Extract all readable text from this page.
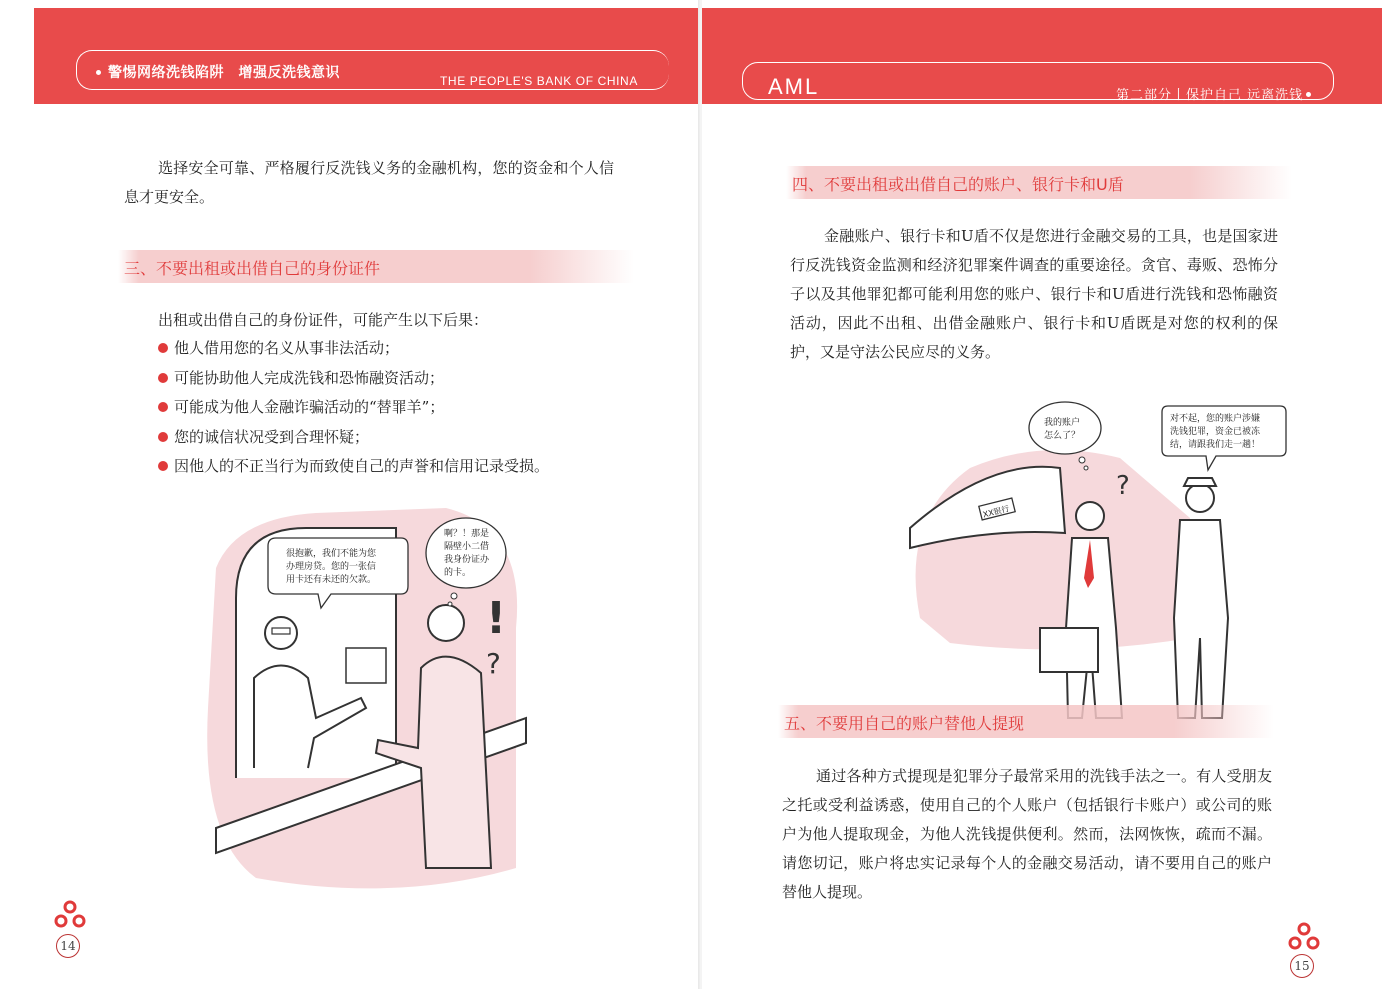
警惕网络洗钱陷阱　增强反洗钱意识	THE PEOPLE'S BANK OF CHINA

选择安全可靠、严格履行反洗钱义务的金融机构，您的资金和个人信息才更安全。

三、不要出租或出借自己的身份证件
出租或出借自己的身份证件，可能产生以下后果：
他人借用您的名义从事非法活动；
可能协助他人完成洗钱和恐怖融资活动；
可能成为他人金融诈骗活动的“替罪羊”；
您的诚信状况受到合理怀疑；
因他人的不正当行为而致使自己的声誉和信用记录受损。
!
?
很抱歉，我们不能为您
办理房贷。您的一张信
用卡还有未还的欠款。
啊？！那是
隔壁小二借
我身份证办
的卡。
14
AML	第二部分丨保护自己 远离洗钱
四、不要出租或出借自己的账户、银行卡和U盾

金融账户、银行卡和U盾不仅是您进行金融交易的工具，也是国家进行反洗钱资金监测和经济犯罪案件调查的重要途径。贪官、毒贩、恐怖分子以及其他罪犯都可能利用您的账户、银行卡和U盾进行洗钱和恐怖融资活动，因此不出租、出借金融账户、银行卡和U盾既是对您的权利的保护，又是守法公民应尽的义务。

XX银行
?
我的账户
怎么了？
对不起，您的账户涉嫌
洗钱犯罪，资金已被冻
结，请跟我们走一趟！
五、不要用自己的账户替他人提现

通过各种方式提现是犯罪分子最常采用的洗钱手法之一。有人受朋友之托或受利益诱惑，使用自己的个人账户（包括银行卡账户）或公司的账户为他人提取现金，为他人洗钱提供便利。然而，法网恢恢，疏而不漏。请您切记，账户将忠实记录每个人的金融交易活动，请不要用自己的账户替他人提现。

15
